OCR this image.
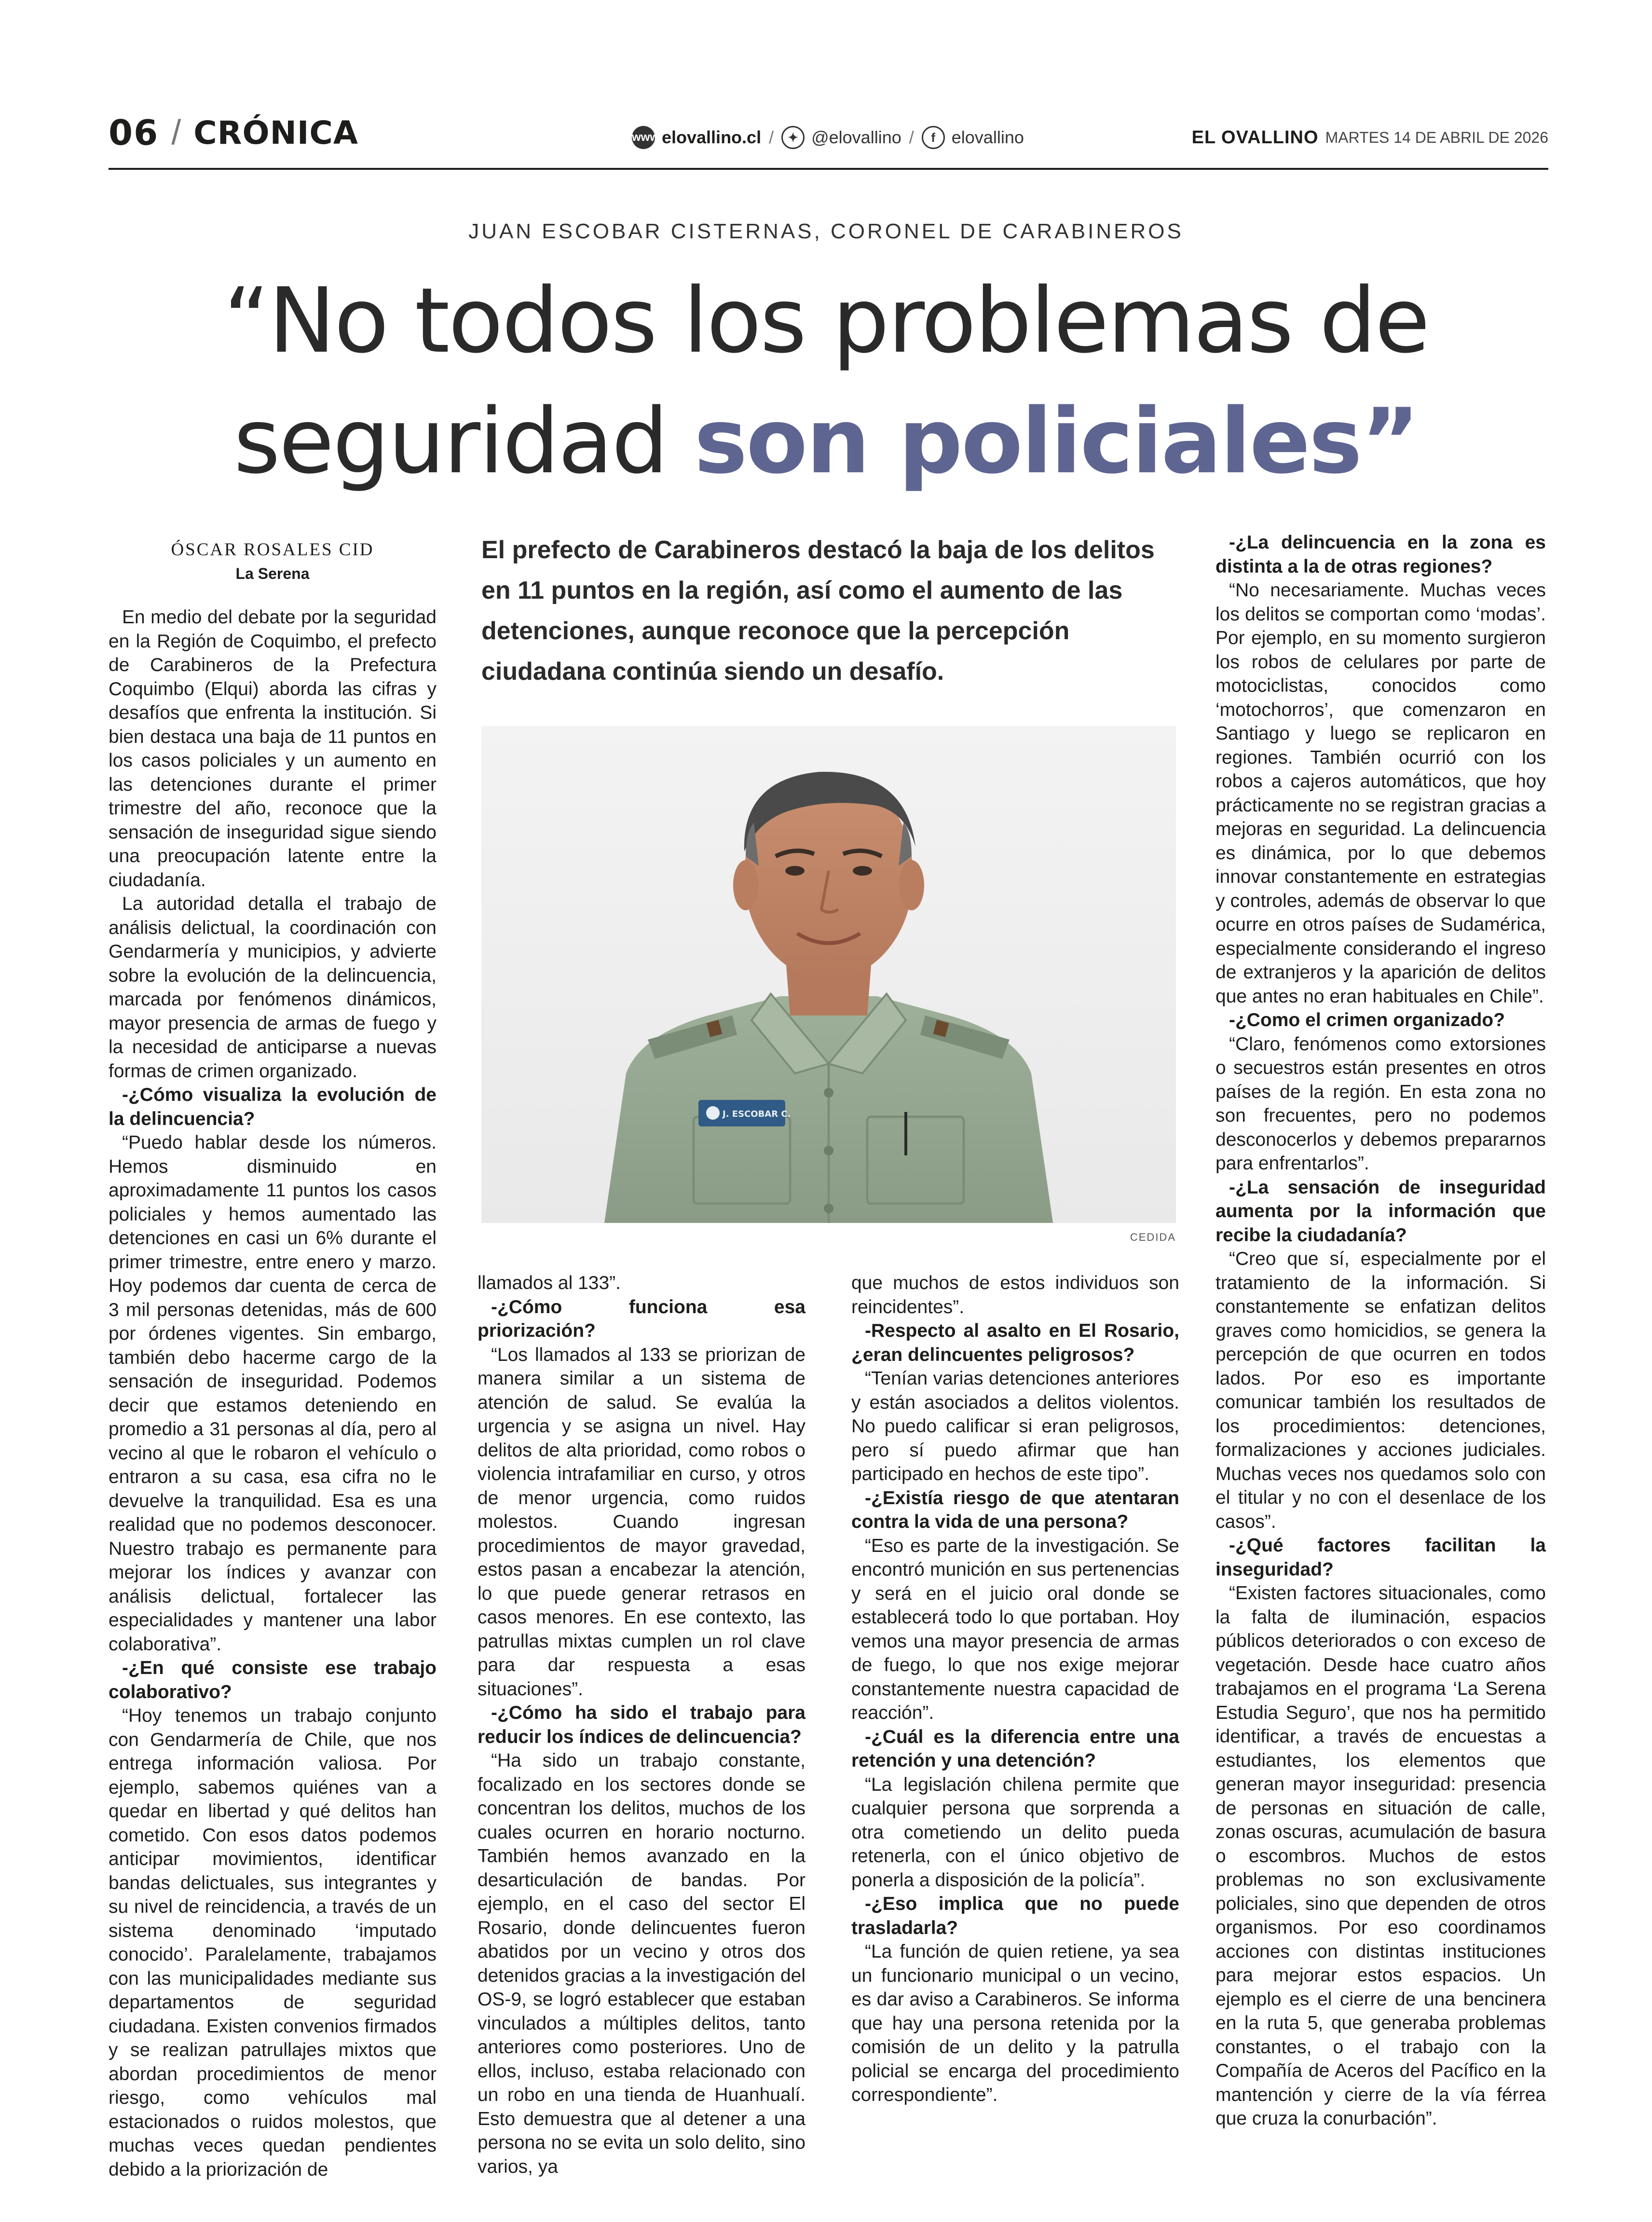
06 / CRÓNICA	www elovallino.cl /	✦ @elovallino /	f elovallino	EL OVALLINO MARTES 14 DE ABRIL DE 2026
JUAN ESCOBAR CISTERNAS, CORONEL DE CARABINEROS
“No todos los problemas de
seguridad son policiales”
ÓSCAR ROSALES CID
La Serena

En medio del debate por la seguridad en la Región de Coquimbo, el prefecto de Carabineros de la Prefectura Coquimbo (Elqui) aborda las cifras y desafíos que enfrenta la institución. Si bien destaca una baja de 11 puntos en los casos policiales y un aumento en las detenciones durante el primer trimestre del año, reconoce que la sensación de inseguridad sigue siendo una preocupación latente entre la ciudadanía.

La autoridad detalla el trabajo de análisis delictual, la coordinación con Gendarmería y municipios, y advierte sobre la evolución de la delincuencia, marcada por fenómenos dinámicos, mayor presencia de armas de fuego y la necesidad de anticiparse a nuevas formas de crimen organizado.

-¿Cómo visualiza la evolución de la delincuencia?

“Puedo hablar desde los números. Hemos disminuido en aproximadamente 11 puntos los casos policiales y hemos aumentado las detenciones en casi un 6% durante el primer trimestre, entre enero y marzo. Hoy podemos dar cuenta de cerca de 3 mil personas detenidas, más de 600 por órdenes vigentes. Sin embargo, también debo hacerme cargo de la sensación de inseguridad. Podemos decir que estamos deteniendo en promedio a 31 personas al día, pero al vecino al que le robaron el vehículo o entraron a su casa, esa cifra no le devuelve la tranquilidad. Esa es una realidad que no podemos desconocer. Nuestro trabajo es permanente para mejorar los índices y avanzar con análisis delictual, fortalecer las especialidades y mantener una labor colaborativa”.

-¿En qué consiste ese trabajo colaborativo?

“Hoy tenemos un trabajo conjunto con Gendarmería de Chile, que nos entrega información valiosa. Por ejemplo, sabemos quiénes van a quedar en libertad y qué delitos han cometido. Con esos datos podemos anticipar movimientos, identificar bandas delictuales, sus integrantes y su nivel de reincidencia, a través de un sistema denominado ‘imputado conocido’. Paralelamente, trabajamos con las municipalidades mediante sus departamentos de seguridad ciudadana. Existen convenios firmados y se realizan patrullajes mixtos que abordan procedimientos de menor riesgo, como vehículos mal estacionados o ruidos molestos, que muchas veces quedan pendientes debido a la priorización de

El prefecto de Carabineros destacó la baja de los delitos en 11 puntos en la región, así como el aumento de las detenciones, aunque reconoce que la percepción ciudadana continúa siendo un desafío.
J. ESCOBAR C.
CEDIDA

llamados al 133”.

-¿Cómo funciona esa priorización?

“Los llamados al 133 se priorizan de manera similar a un sistema de atención de salud. Se evalúa la urgencia y se asigna un nivel. Hay delitos de alta prioridad, como robos o violencia intrafamiliar en curso, y otros de menor urgencia, como ruidos molestos. Cuando ingresan procedimientos de mayor gravedad, estos pasan a encabezar la atención, lo que puede generar retrasos en casos menores. En ese contexto, las patrullas mixtas cumplen un rol clave para dar respuesta a esas situaciones”.

-¿Cómo ha sido el trabajo para reducir los índices de delincuencia?

“Ha sido un trabajo constante, focalizado en los sectores donde se concentran los delitos, muchos de los cuales ocurren en horario nocturno. También hemos avanzado en la desarticulación de bandas. Por ejemplo, en el caso del sector El Rosario, donde delincuentes fueron abatidos por un vecino y otros dos detenidos gracias a la investigación del OS-9, se logró establecer que estaban vinculados a múltiples delitos, tanto anteriores como posteriores. Uno de ellos, incluso, estaba relacionado con un robo en una tienda de Huanhualí. Esto demuestra que al detener a una persona no se evita un solo delito, sino varios, ya

que muchos de estos individuos son reincidentes”.

-Respecto al asalto en El Rosario, ¿eran delincuentes peligrosos?

“Tenían varias detenciones anteriores y están asociados a delitos violentos. No puedo calificar si eran peligrosos, pero sí puedo afirmar que han participado en hechos de este tipo”.

-¿Existía riesgo de que atentaran contra la vida de una persona?

“Eso es parte de la investigación. Se encontró munición en sus pertenencias y será en el juicio oral donde se establecerá todo lo que portaban. Hoy vemos una mayor presencia de armas de fuego, lo que nos exige mejorar constantemente nuestra capacidad de reacción”.

-¿Cuál es la diferencia entre una retención y una detención?

“La legislación chilena permite que cualquier persona que sorprenda a otra cometiendo un delito pueda retenerla, con el único objetivo de ponerla a disposición de la policía”.

-¿Eso implica que no puede trasladarla?

“La función de quien retiene, ya sea un funcionario municipal o un vecino, es dar aviso a Carabineros. Se informa que hay una persona retenida por la comisión de un delito y la patrulla policial se encarga del procedimiento correspondiente”.

-¿La delincuencia en la zona es distinta a la de otras regiones?

“No necesariamente. Muchas veces los delitos se comportan como ‘modas’. Por ejemplo, en su momento surgieron los robos de celulares por parte de motociclistas, conocidos como ‘motochorros’, que comenzaron en Santiago y luego se replicaron en regiones. También ocurrió con los robos a cajeros automáticos, que hoy prácticamente no se registran gracias a mejoras en seguridad. La delincuencia es dinámica, por lo que debemos innovar constantemente en estrategias y controles, además de observar lo que ocurre en otros países de Sudamérica, especialmente considerando el ingreso de extranjeros y la aparición de delitos que antes no eran habituales en Chile”.

-¿Como el crimen organizado?

“Claro, fenómenos como extorsiones o secuestros están presentes en otros países de la región. En esta zona no son frecuentes, pero no podemos desconocerlos y debemos prepararnos para enfrentarlos”.

-¿La sensación de inseguridad aumenta por la información que recibe la ciudadanía?

“Creo que sí, especialmente por el tratamiento de la información. Si constantemente se enfatizan delitos graves como homicidios, se genera la percepción de que ocurren en todos lados. Por eso es importante comunicar también los resultados de los procedimientos: detenciones, formalizaciones y acciones judiciales. Muchas veces nos quedamos solo con el titular y no con el desenlace de los casos”.

-¿Qué factores facilitan la inseguridad?

“Existen factores situacionales, como la falta de iluminación, espacios públicos deteriorados o con exceso de vegetación. Desde hace cuatro años trabajamos en el programa ‘La Serena Estudia Seguro’, que nos ha permitido identificar, a través de encuestas a estudiantes, los elementos que generan mayor inseguridad: presencia de personas en situación de calle, zonas oscuras, acumulación de basura o escombros. Muchos de estos problemas no son exclusivamente policiales, sino que dependen de otros organismos. Por eso coordinamos acciones con distintas instituciones para mejorar estos espacios. Un ejemplo es el cierre de una bencinera en la ruta 5, que generaba problemas constantes, o el trabajo con la Compañía de Aceros del Pacífico en la mantención y cierre de la vía férrea que cruza la conurbación”.
